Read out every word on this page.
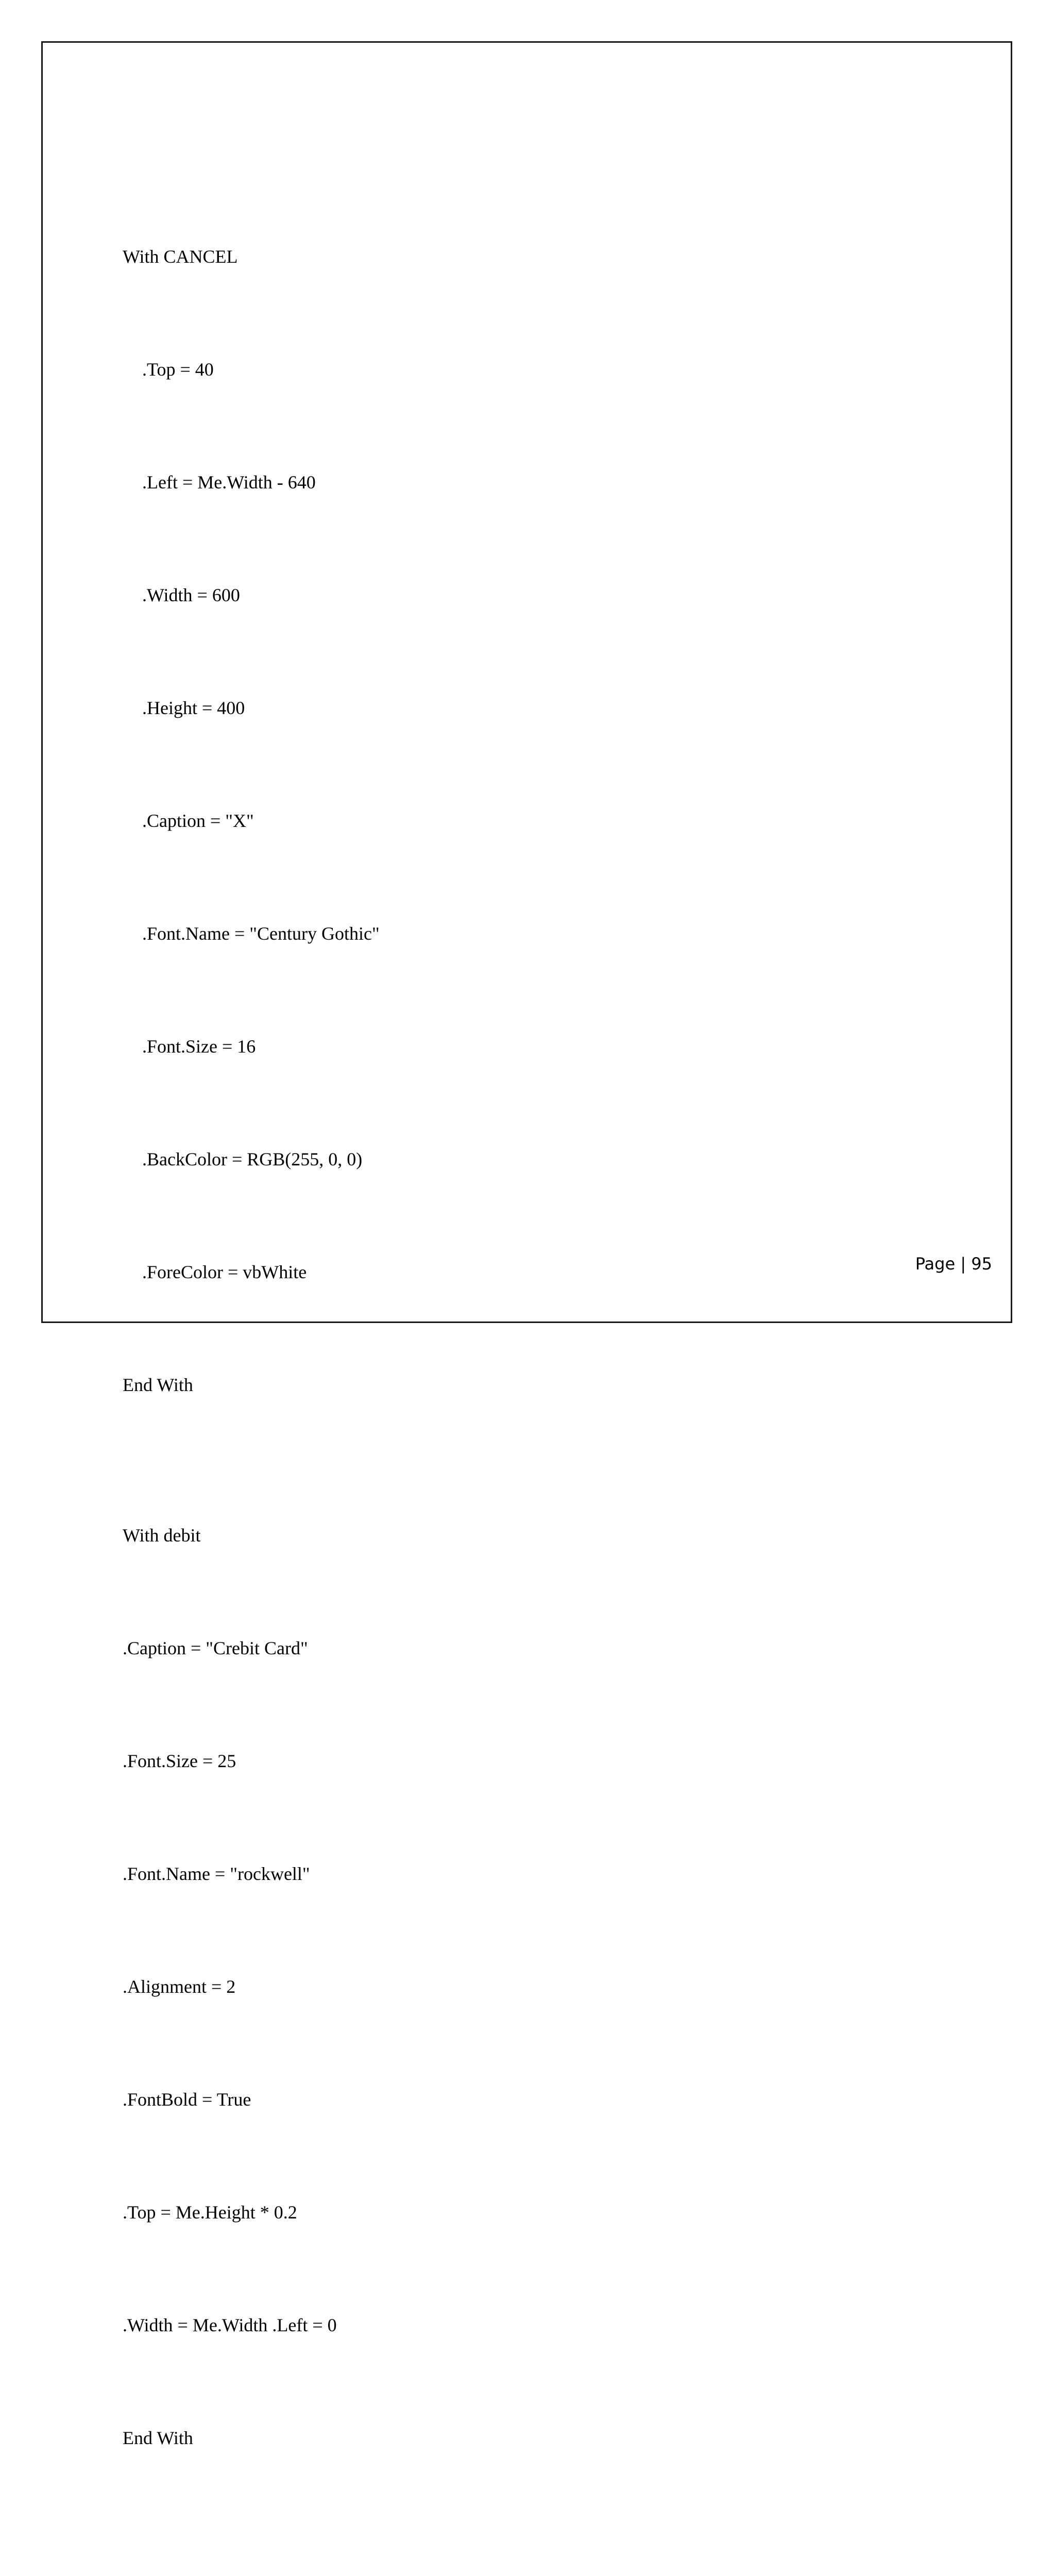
With CANCEL

.Top = 40

.Left = Me.Width - 640

.Width = 600

.Height = 400

.Caption = "X"

.Font.Name = "Century Gothic"

.Font.Size = 16

.BackColor = RGB(255, 0, 0)

.ForeColor = vbWhite

End With

With debit

.Caption = "Crebit Card"

.Font.Size = 25

.Font.Name = "rockwell"

.Alignment = 2

.FontBold = True

.Top = Me.Height * 0.2

.Width = Me.Width .Left = 0

End With

Page | 95
